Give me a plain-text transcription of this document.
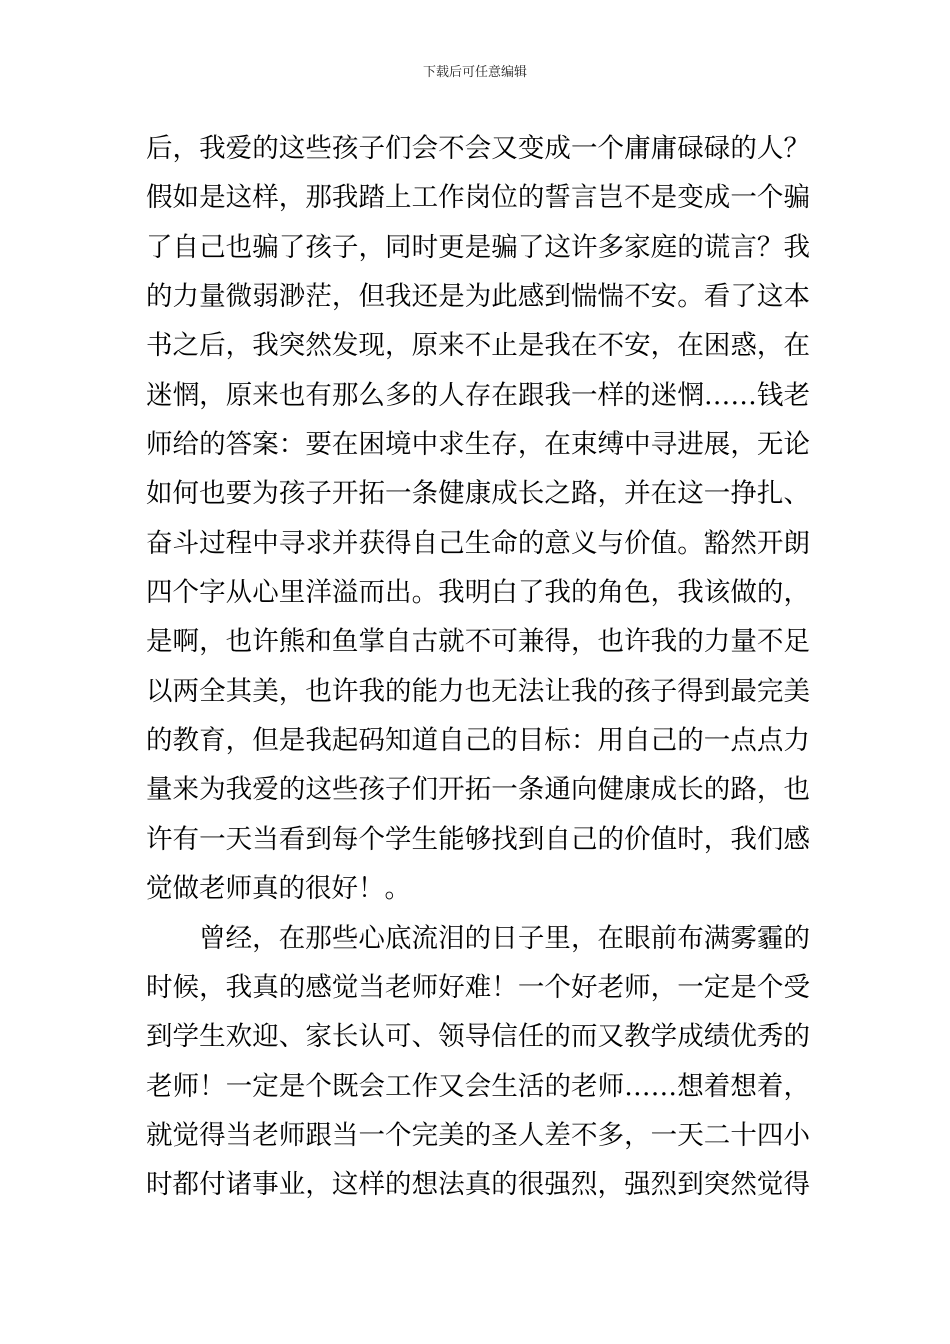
下载后可任意编辑
后，我爱的这些孩子们会不会又变成一个庸庸碌碌的人？
假如是这样，那我踏上工作岗位的誓言岂不是变成一个骗
了自己也骗了孩子，同时更是骗了这许多家庭的谎言？我
的力量微弱渺茫，但我还是为此感到惴惴不安。看了这本
书之后，我突然发现，原来不止是我在不安，在困惑，在
迷惘，原来也有那么多的人存在跟我一样的迷惘……钱老
师给的答案：要在困境中求生存，在束缚中寻进展，无论
如何也要为孩子开拓一条健康成长之路，并在这一挣扎、
奋斗过程中寻求并获得自己生命的意义与价值。豁然开朗
四个字从心里洋溢而出。我明白了我的角色，我该做的，
是啊，也许熊和鱼掌自古就不可兼得，也许我的力量不足
以两全其美，也许我的能力也无法让我的孩子得到最完美
的教育，但是我起码知道自己的目标：用自己的一点点力
量来为我爱的这些孩子们开拓一条通向健康成长的路，也
许有一天当看到每个学生能够找到自己的价值时，我们感
觉做老师真的很好！。
曾经，在那些心底流泪的日子里，在眼前布满雾霾的
时候，我真的感觉当老师好难！一个好老师，一定是个受
到学生欢迎、家长认可、领导信任的而又教学成绩优秀的
老师！一定是个既会工作又会生活的老师……想着想着，
就觉得当老师跟当一个完美的圣人差不多，一天二十四小
时都付诸事业，这样的想法真的很强烈，强烈到突然觉得
